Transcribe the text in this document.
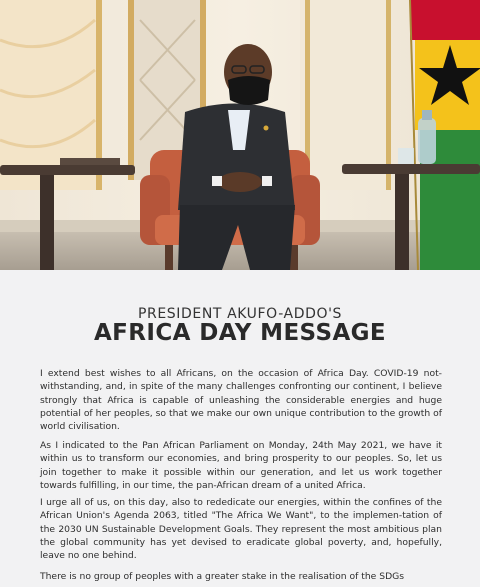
PRESIDENT AKUFO-ADDO'S
AFRICA DAY MESSAGE

I extend best wishes to all Africans, on the occasion of Africa Day. COVID-19 not-withstanding, and, in spite of the many challenges confronting our continent, I believe strongly that Africa is capable of unleashing the considerable energies and huge potential of her peoples, so that we make our own unique contribution to the growth of world civilisation.

As I indicated to the Pan African Parliament on Monday, 24th May 2021, we have it within us to transform our economies, and bring prosperity to our peoples. So, let us join together to make it possible within our generation, and let us work together towards fulfilling, in our time, the pan-African dream of a united Africa.

I urge all of us, on this day, also to rededicate our energies, within the confines of the African Union's Agenda 2063, titled "The Africa We Want", to the implemen-tation of the 2030 UN Sustainable Development Goals. They represent the most ambitious plan the global community has yet devised to eradicate global poverty, and, hopefully, leave no one behind.

There is no group of peoples with a greater stake in the realisation of the SDGs
